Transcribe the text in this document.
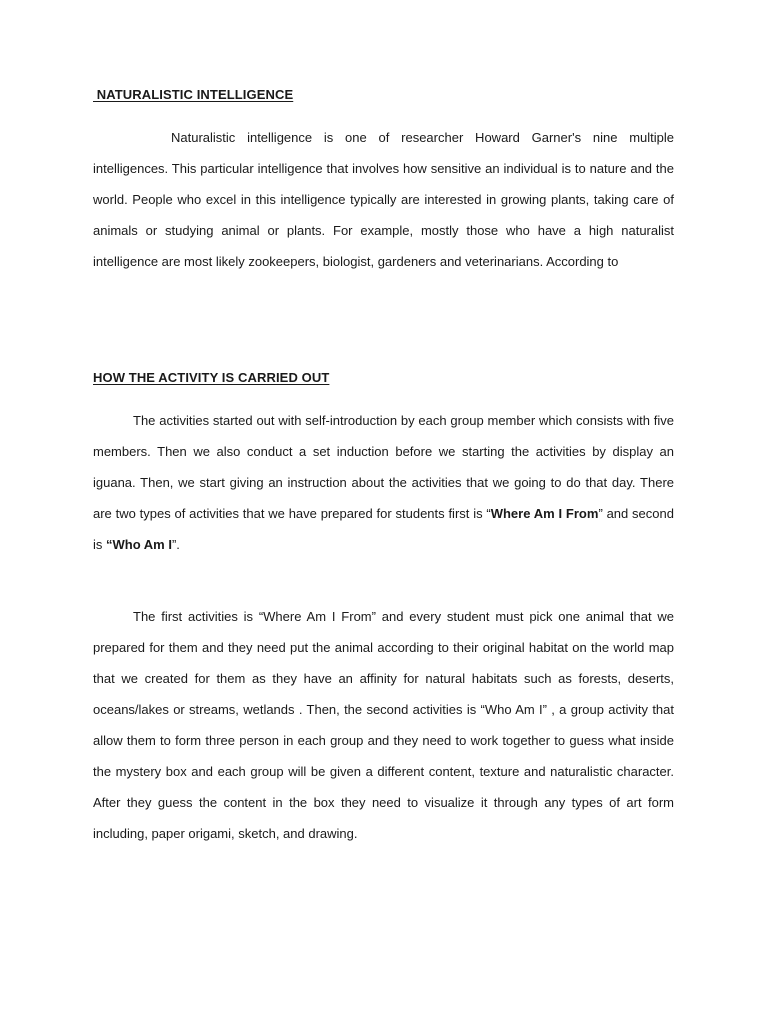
NATURALISTIC INTELLIGENCE

Naturalistic intelligence is one of researcher Howard Garner's nine multiple intelligences. This particular intelligence that involves how sensitive an individual is to nature and the world. People who excel in this intelligence typically are interested in growing plants, taking care of animals or studying animal or plants. For example, mostly those who have a high naturalist intelligence are most likely zookeepers, biologist, gardeners and veterinarians. According to

HOW THE ACTIVITY IS CARRIED OUT

The activities started out with self-introduction by each group member which consists with five members. Then we also conduct a set induction before we starting the activities by display an iguana. Then, we start giving an instruction about the activities that we going to do that day. There are two types of activities that we have prepared for students first is “Where Am I From” and second is “Who Am I”.

The first activities is “Where Am I From” and every student must pick one animal that we prepared for them and they need put the animal according to their original habitat on the world map that we created for them as they have an affinity for natural habitats such as forests, deserts, oceans/lakes or streams, wetlands . Then, the second activities is “Who Am I” , a group activity that allow them to form three person in each group and they need to work together to guess what inside the mystery box and each group will be given a different content, texture and naturalistic character. After they guess the content in the box they need to visualize it through any types of art form including, paper origami, sketch, and drawing.
